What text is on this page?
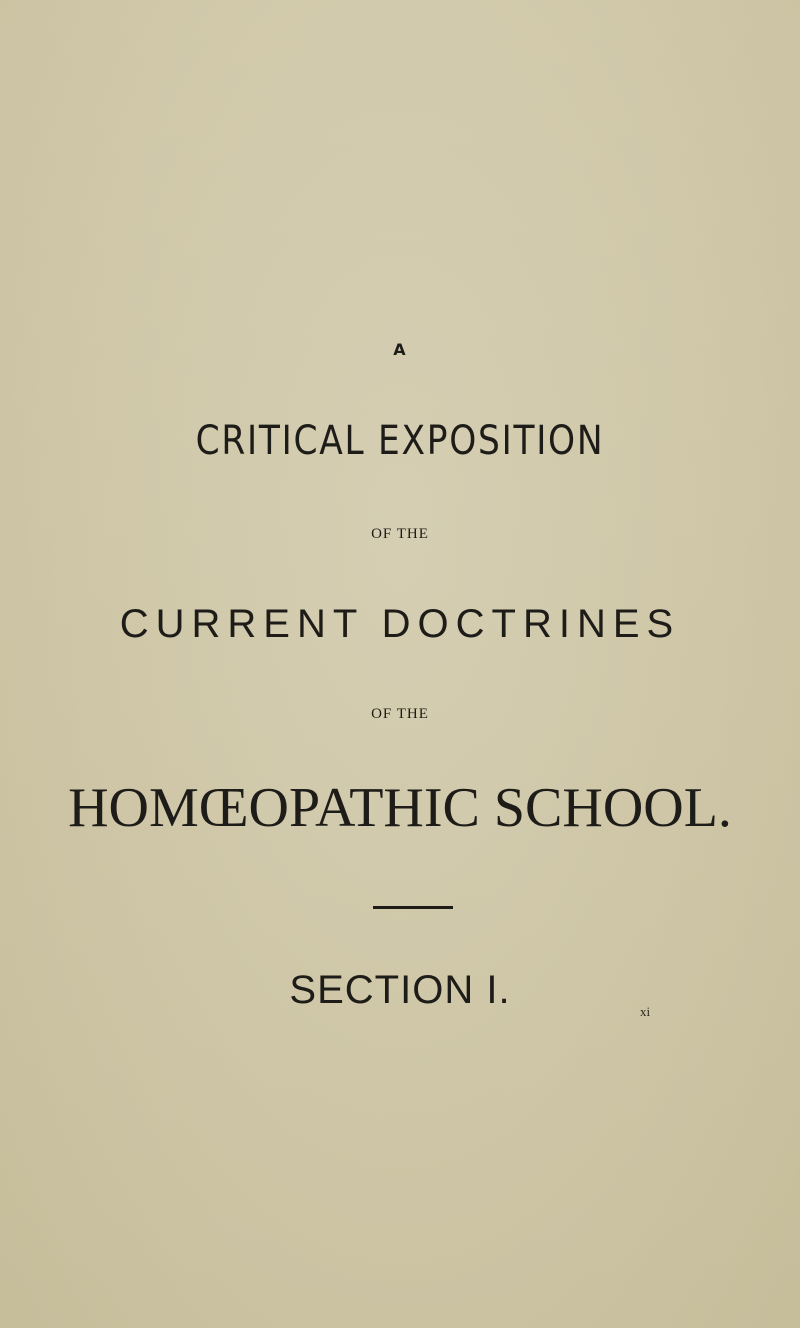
A

CRITICAL EXPOSITION

OF THE

CURRENT DOCTRINES

OF THE

HOMŒOPATHIC SCHOOL.

SECTION I.	xi
